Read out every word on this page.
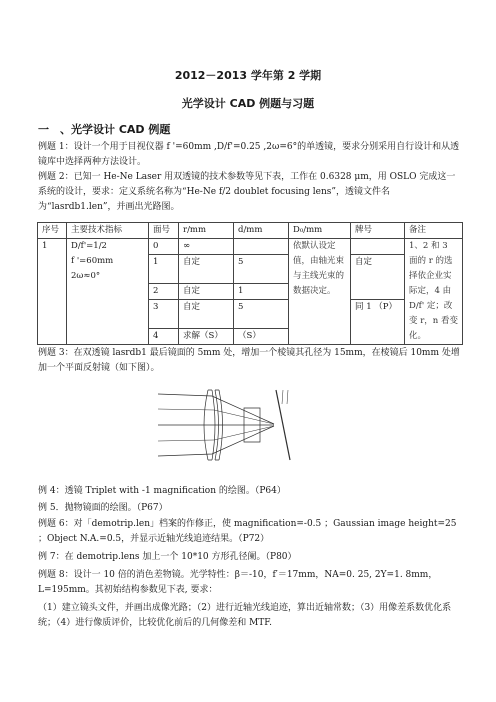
2012－2013 学年第 2 学期
光学设计 CAD 例题与习题
一　、光学设计 CAD 例题
例题 1：设计一个用于目视仪器 f '=60mm ,D/f'=0.25 ,2ω=6°的单透镜，要求分别采用自行设计和从透镜库中选择两种方法设计。
例题 2：已知一 He-Ne Laser 用双透镜的技术参数等见下表，工作在 0.6328 μm，用 OSLO 完成这一系统的设计，要求：定义系统名称为“He-Ne f/2 doublet focusing lens”，透镜文件名为“lasrdb1.len”，并画出光路图。
序号	主要技术指标	面号	r/mm	d/mm	D₀/mm	牌号	备注
1	D/f'=1/2
f '=60mm
2ω≈0°	0	∞		依默认设定值，由轴光束与主线光束的数据决定。		1、2 和 3 面的 r 的选择依企业实际定，4 由 D/f' 定；改变 r，n 看变化。
		1	自定	5		自定	
		2	自定	1			
		3	自定	5		同 1 （P）	
		4	求解（S）	（S）			
例题 3：在双透镜 lasrdb1 最后镜面的 5mm 处，增加一个棱镜其孔径为 15mm，在棱镜后 10mm 处增加一个平面反射镜（如下图）。
例 4：透镜 Triplet with -1 magnification 的绘图。（P64）
例 5．抛物镜面的绘图。（P67）
例题 6：对「demotrip.len」档案的作修正，使 magnification=-0.5 ；Gaussian image height=25 ；Object N.A.=0.5，并显示近轴光线追迹结果。（P72）
例 7：在 demotrip.lens 加上一个 10*10 方形孔径阑。（P80）
例题 8：设计一 10 倍的消色差物镜。光学特性：β＝-10，f′＝17mm，NA=0. 25, 2Y=1. 8mm，L=195mm。其初始结构参数见下表, 要求：
（1）建立镜头文件，并画出成像光路；（2）进行近轴光线追迹，算出近轴常数；（3）用像差系数优化系统；（4）进行像质评价，比较优化前后的几何像差和 MTF.
